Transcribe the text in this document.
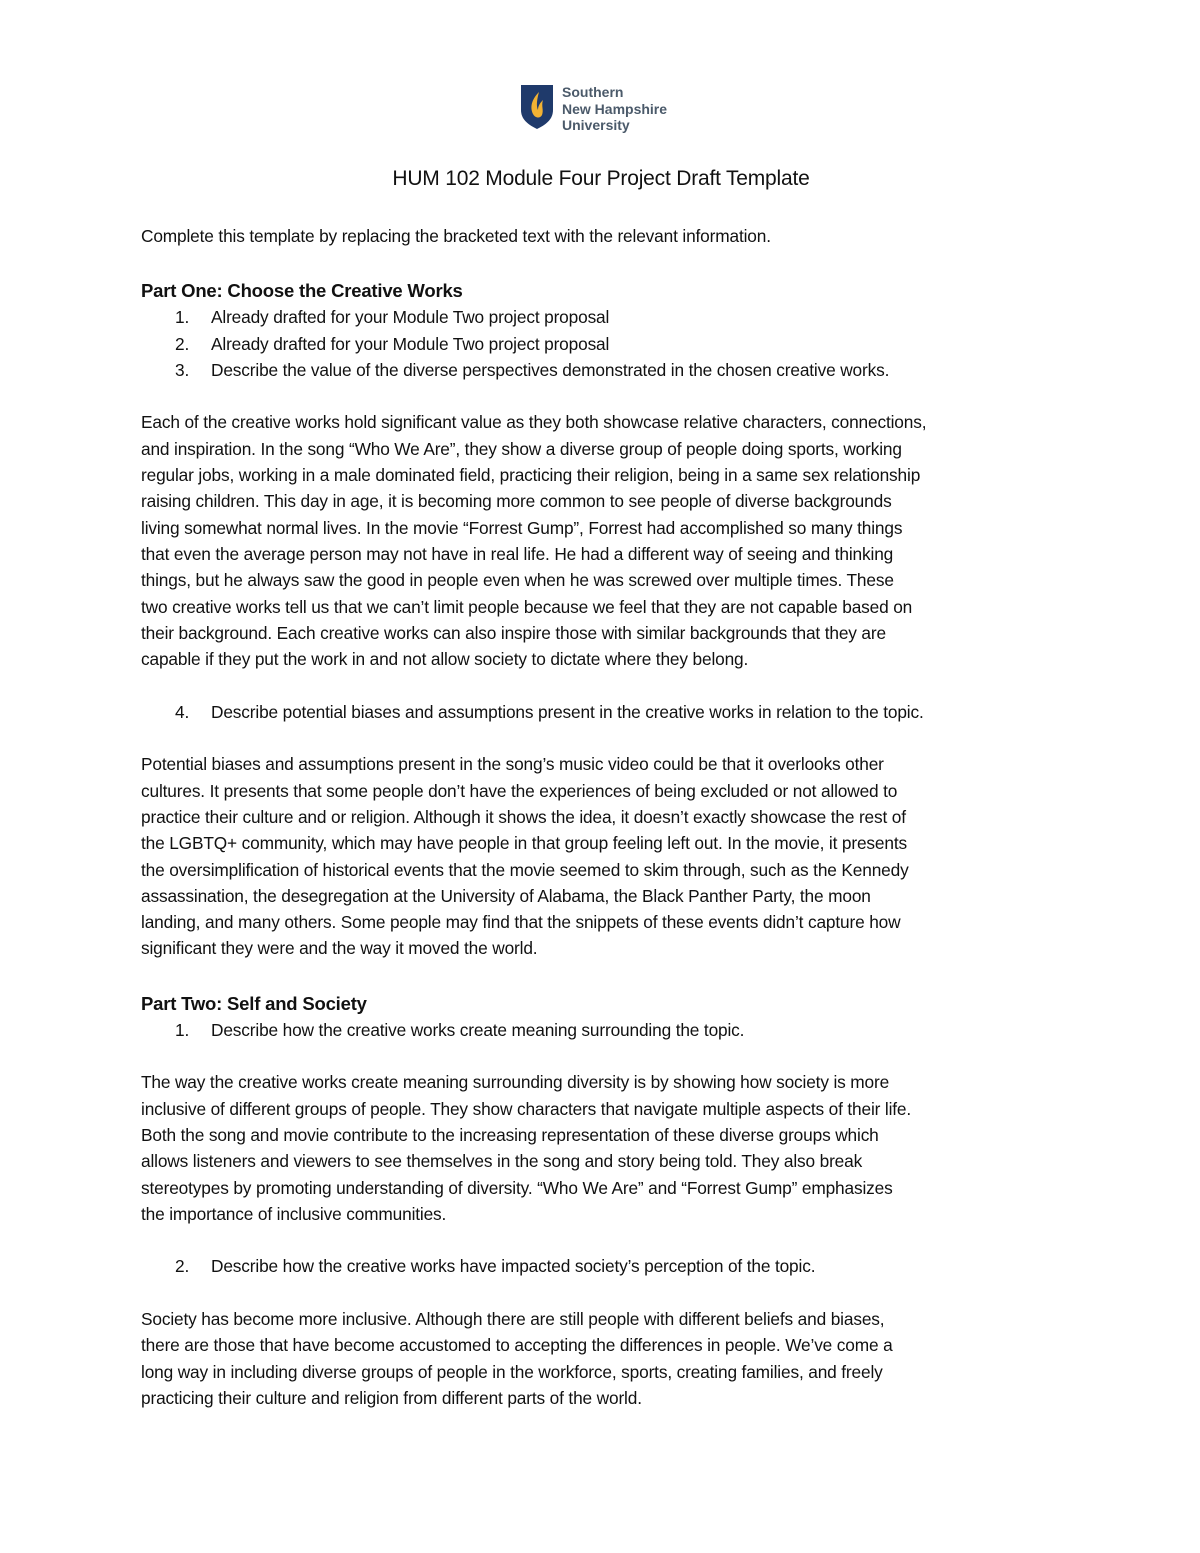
Southern
New Hampshire
University
HUM 102 Module Four Project Draft Template

Complete this template by replacing the bracketed text with the relevant information.

Part One: Choose the Creative Works
1.	Already drafted for your Module Two project proposal
2.	Already drafted for your Module Two project proposal
3.	Describe the value of the diverse perspectives demonstrated in the chosen creative works.

Each of the creative works hold significant value as they both showcase relative characters, connections,

and inspiration. In the song “Who We Are”, they show a diverse group of people doing sports, working

regular jobs, working in a male dominated field, practicing their religion, being in a same sex relationship

raising children. This day in age, it is becoming more common to see people of diverse backgrounds

living somewhat normal lives. In the movie “Forrest Gump”, Forrest had accomplished so many things

that even the average person may not have in real life. He had a different way of seeing and thinking

things, but he always saw the good in people even when he was screwed over multiple times. These

two creative works tell us that we can’t limit people because we feel that they are not capable based on

their background. Each creative works can also inspire those with similar backgrounds that they are

capable if they put the work in and not allow society to dictate where they belong.

4.	Describe potential biases and assumptions present in the creative works in relation to the topic.

Potential biases and assumptions present in the song’s music video could be that it overlooks other

cultures. It presents that some people don’t have the experiences of being excluded or not allowed to

practice their culture and or religion. Although it shows the idea, it doesn’t exactly showcase the rest of

the LGBTQ+ community, which may have people in that group feeling left out. In the movie, it presents

the oversimplification of historical events that the movie seemed to skim through, such as the Kennedy

assassination, the desegregation at the University of Alabama, the Black Panther Party, the moon

landing, and many others. Some people may find that the snippets of these events didn’t capture how

significant they were and the way it moved the world.

Part Two: Self and Society
1.	Describe how the creative works create meaning surrounding the topic.

The way the creative works create meaning surrounding diversity is by showing how society is more

inclusive of different groups of people. They show characters that navigate multiple aspects of their life.

Both the song and movie contribute to the increasing representation of these diverse groups which

allows listeners and viewers to see themselves in the song and story being told. They also break

stereotypes by promoting understanding of diversity. “Who We Are” and “Forrest Gump” emphasizes

the importance of inclusive communities.

2.	Describe how the creative works have impacted society’s perception of the topic.

Society has become more inclusive. Although there are still people with different beliefs and biases,

there are those that have become accustomed to accepting the differences in people. We’ve come a

long way in including diverse groups of people in the workforce, sports, creating families, and freely

practicing their culture and religion from different parts of the world.
